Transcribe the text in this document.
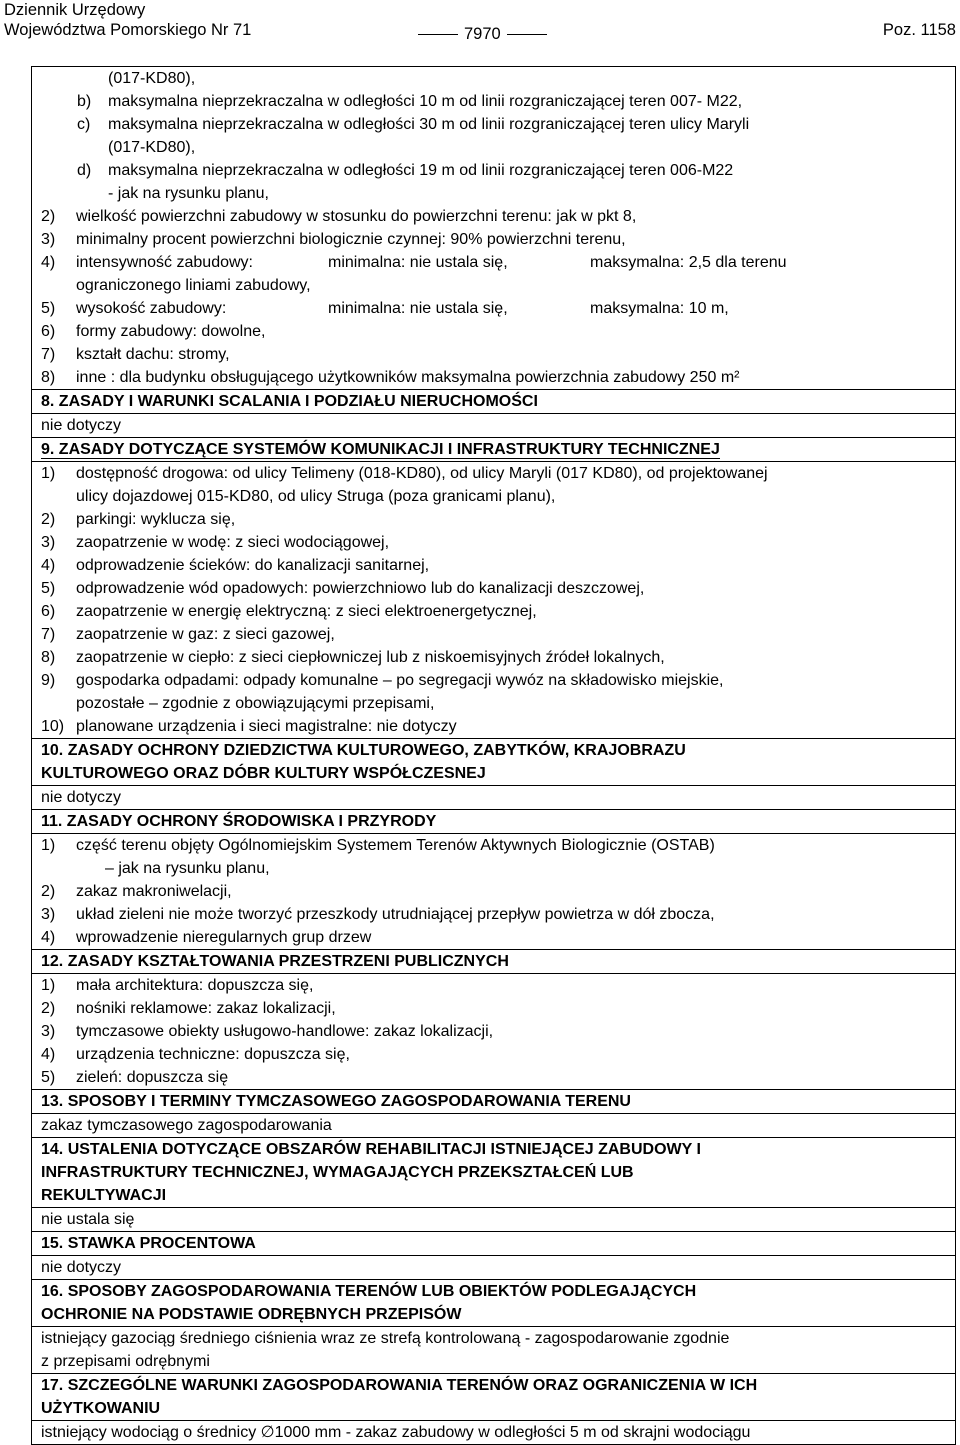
Dziennik Urzędowy
Województwa Pomorskiego Nr 71	7970	Poz. 1158
(017-KD80),
b) maksymalna nieprzekraczalna w odległości 10 m od linii rozgraniczającej teren 007- M22,
c) maksymalna nieprzekraczalna w odległości 30 m od linii rozgraniczającej teren ulicy Maryli
(017-KD80),
d) maksymalna nieprzekraczalna w odległości 19 m od linii rozgraniczającej teren 006-M22
- jak na rysunku planu,
2) wielkość powierzchni zabudowy w stosunku do powierzchni terenu: jak w pkt 8,
3) minimalny procent powierzchni biologicznie czynnej: 90% powierzchni terenu,
4) intensywność zabudowy:	minimalna: nie ustala się,	maksymalna: 2,5 dla terenu
ograniczonego liniami zabudowy,
5) wysokość zabudowy:	minimalna: nie ustala się,	maksymalna: 10 m,
6) formy zabudowy: dowolne,
7) kształt dachu: stromy,
8) inne : dla budynku obsługującego użytkowników maksymalna powierzchnia zabudowy 250 m²
8. ZASADY I WARUNKI SCALANIA I PODZIAŁU NIERUCHOMOŚCI
nie dotyczy
9. ZASADY DOTYCZĄCE SYSTEMÓW KOMUNIKACJI I INFRASTRUKTURY TECHNICZNEJ
1) dostępność drogowa: od ulicy Telimeny (018-KD80), od ulicy Maryli (017 KD80), od projektowanej
ulicy dojazdowej 015-KD80, od ulicy Struga (poza granicami planu),
2) parkingi: wyklucza się,
3) zaopatrzenie w wodę: z sieci wodociągowej,
4) odprowadzenie ścieków: do kanalizacji sanitarnej,
5) odprowadzenie wód opadowych: powierzchniowo lub do kanalizacji deszczowej,
6) zaopatrzenie w energię elektryczną: z sieci elektroenergetycznej,
7) zaopatrzenie w gaz: z sieci gazowej,
8) zaopatrzenie w ciepło: z sieci ciepłowniczej lub z niskoemisyjnych źródeł lokalnych,
9) gospodarka odpadami: odpady komunalne – po segregacji wywóz na składowisko miejskie,
pozostałe – zgodnie z obowiązującymi przepisami,
10) planowane urządzenia i sieci magistralne: nie dotyczy
10. ZASADY OCHRONY DZIEDZICTWA KULTUROWEGO, ZABYTKÓW, KRAJOBRAZU
KULTUROWEGO ORAZ DÓBR KULTURY WSPÓŁCZESNEJ
nie dotyczy
11. ZASADY OCHRONY ŚRODOWISKA I PRZYRODY
1) część terenu objęty Ogólnomiejskim Systemem Terenów Aktywnych Biologicznie (OSTAB)
– jak na rysunku planu,
2) zakaz makroniwelacji,
3) układ zieleni nie może tworzyć przeszkody utrudniającej przepływ powietrza w dół zbocza,
4) wprowadzenie nieregularnych grup drzew
12. ZASADY KSZTAŁTOWANIA PRZESTRZENI PUBLICZNYCH
1) mała architektura: dopuszcza się,
2) nośniki reklamowe: zakaz lokalizacji,
3) tymczasowe obiekty usługowo-handlowe: zakaz lokalizacji,
4) urządzenia techniczne: dopuszcza się,
5) zieleń: dopuszcza się
13. SPOSOBY I TERMINY TYMCZASOWEGO ZAGOSPODAROWANIA TERENU
zakaz tymczasowego zagospodarowania
14. USTALENIA DOTYCZĄCE OBSZARÓW REHABILITACJI ISTNIEJĄCEJ ZABUDOWY I
INFRASTRUKTURY TECHNICZNEJ, WYMAGAJĄCYCH PRZEKSZTAŁCEŃ LUB
REKULTYWACJI
nie ustala się
15. STAWKA PROCENTOWA
nie dotyczy
16. SPOSOBY ZAGOSPODAROWANIA TERENÓW LUB OBIEKTÓW PODLEGAJĄCYCH
OCHRONIE NA PODSTAWIE ODRĘBNYCH PRZEPISÓW
istniejący gazociąg średniego ciśnienia wraz ze strefą kontrolowaną - zagospodarowanie zgodnie
z przepisami odrębnymi
17. SZCZEGÓLNE WARUNKI ZAGOSPODAROWANIA TERENÓW ORAZ OGRANICZENIA W ICH
UŻYTKOWANIU
istniejący wodociąg o średnicy ∅1000 mm - zakaz zabudowy w odległości 5 m od skrajni wodociągu
